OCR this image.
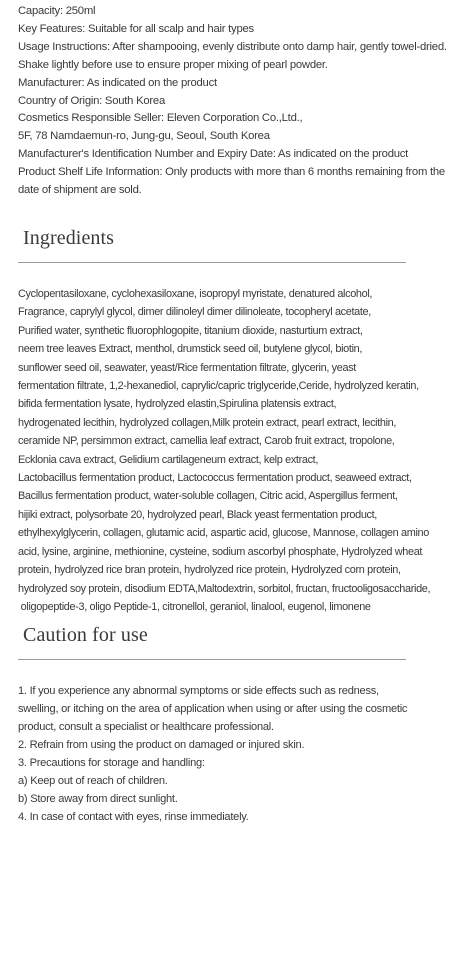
Capacity: 250ml
Key Features: Suitable for all scalp and hair types
Usage Instructions: After shampooing, evenly distribute onto damp hair, gently towel-dried.
Shake lightly before use to ensure proper mixing of pearl powder.
Manufacturer: As indicated on the product
Country of Origin: South Korea
Cosmetics Responsible Seller: Eleven Corporation Co.,Ltd.,
5F, 78 Namdaemun-ro, Jung-gu, Seoul, South Korea
Manufacturer's Identification Number and Expiry Date: As indicated on the product
Product Shelf Life Information: Only products with more than 6 months remaining from the
date of shipment are sold.
Ingredients
Cyclopentasiloxane, cyclohexasiloxane, isopropyl myristate, denatured alcohol,
Fragrance, caprylyl glycol, dimer dilinoleyl dimer dilinoleate, tocopheryl acetate,
Purified water, synthetic fluorophlogopite, titanium dioxide, nasturtium extract,
neem tree leaves Extract, menthol, drumstick seed oil, butylene glycol, biotin,
sunflower seed oil, seawater, yeast/Rice fermentation filtrate, glycerin, yeast
fermentation filtrate, 1,2-hexanediol, caprylic/capric triglyceride,Ceride, hydrolyzed keratin,
bifida fermentation lysate, hydrolyzed elastin,Spirulina platensis extract,
hydrogenated lecithin, hydrolyzed collagen,Milk protein extract, pearl extract, lecithin,
ceramide NP, persimmon extract, camellia leaf extract, Carob fruit extract, tropolone,
Ecklonia cava extract, Gelidium cartilageneum extract, kelp extract,
Lactobacillus fermentation product, Lactococcus fermentation product, seaweed extract,
Bacillus fermentation product, water-soluble collagen, Citric acid, Aspergillus ferment,
hijiki extract, polysorbate 20, hydrolyzed pearl, Black yeast fermentation product,
ethylhexylglycerin, collagen, glutamic acid, aspartic acid, glucose, Mannose, collagen amino
acid, lysine, arginine, methionine, cysteine, sodium ascorbyl phosphate, Hydrolyzed wheat
protein, hydrolyzed rice bran protein, hydrolyzed rice protein, Hydrolyzed corn protein,
hydrolyzed soy protein, disodium EDTA,Maltodextrin, sorbitol, fructan, fructooligosaccharide,
oligopeptide-3, oligo Peptide-1, citronellol, geraniol, linalool, eugenol, limonene
Caution for use
1. If you experience any abnormal symptoms or side effects such as redness,
swelling, or itching on the area of application when using or after using the cosmetic
product, consult a specialist or healthcare professional.
2. Refrain from using the product on damaged or injured skin.
3. Precautions for storage and handling:
a) Keep out of reach of children.
b) Store away from direct sunlight.
4. In case of contact with eyes, rinse immediately.
